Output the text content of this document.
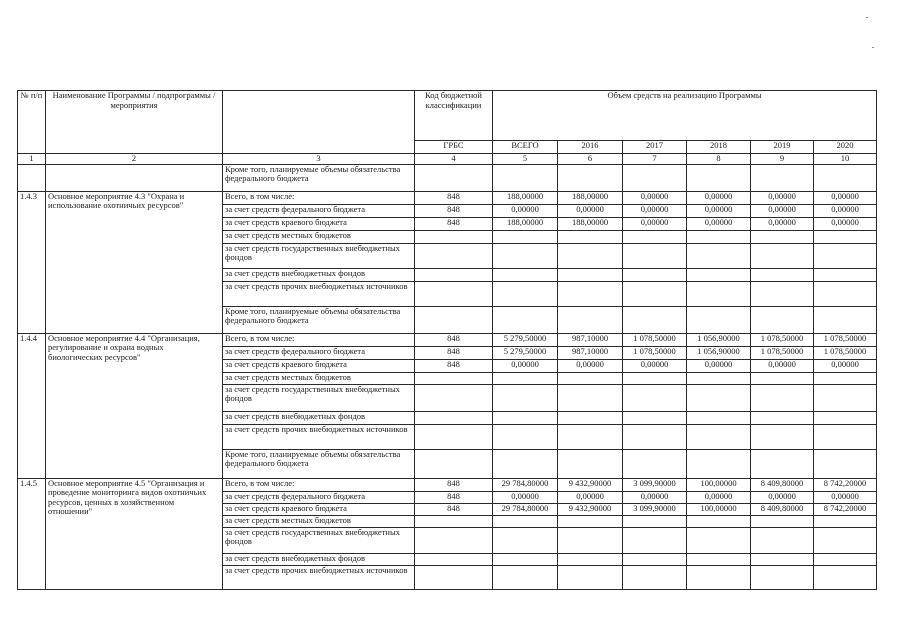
№ п/п	Наименование Программы / подпрограммы / мероприятия		Код бюджетной классификации	Объем средств на реализацию Программы					
			ГРБС	ВСЕГО	2016	2017	2018	2019	2020
1	2	3	4	5	6	7	8	9	10
		Кроме того, планируемые объемы обязательства федерального бюджета							
1.4.3	Основное мероприятие 4.3 "Охрана и использование охотничьих ресурсов"	Всего, в том числе:	848	188,00000	188,00000	0,00000	0,00000	0,00000	0,00000
		за счет средств федерального бюджета	848	0,00000	0,00000	0,00000	0,00000	0,00000	0,00000
		за счет средств краевого бюджета	848	188,00000	188,00000	0,00000	0,00000	0,00000	0,00000
		за счет средств местных бюджетов							
		за счет средств государственных внебюджетных фондов							
		за счет средств внебюджетных фондов							
		за счет средств прочих внебюджетных источников							
		Кроме того, планируемые объемы обязательства федерального бюджета							
1.4.4	Основное мероприятие 4.4 "Организация, регулирование и охрана водных биологических ресурсов"	Всего, в том числе:	848	5 279,50000	987,10000	1 078,50000	1 056,90000	1 078,50000	1 078,50000
		за счет средств федерального бюджета	848	5 279,50000	987,10000	1 078,50000	1 056,90000	1 078,50000	1 078,50000
		за счет средств краевого бюджета	848	0,00000	0,00000	0,00000	0,00000	0,00000	0,00000
		за счет средств местных бюджетов							
		за счет средств государственных внебюджетных фондов							
		за счет средств внебюджетных фондов							
		за счет средств прочих внебюджетных источников							
		Кроме того, планируемые объемы обязательства федерального бюджета							
1.4.5	Основное мероприятие 4.5 "Организация и проведение мониторинга видов охотничьих ресурсов, ценных в хозяйственном отношении"	Всего, в том числе:	848	29 784,80000	9 432,90000	3 099,90000	100,00000	8 409,80000	8 742,20000
		за счет средств федерального бюджета	848	0,00000	0,00000	0,00000	0,00000	0,00000	0,00000
		за счет средств краевого бюджета	848	29 784,80000	9 432,90000	3 099,90000	100,00000	8 409,80000	8 742,20000
		за счет средств местных бюджетов							
		за счет средств государственных внебюджетных фондов							
		за счет средств внебюджетных фондов							
		за счет средств прочих внебюджетных источников							
